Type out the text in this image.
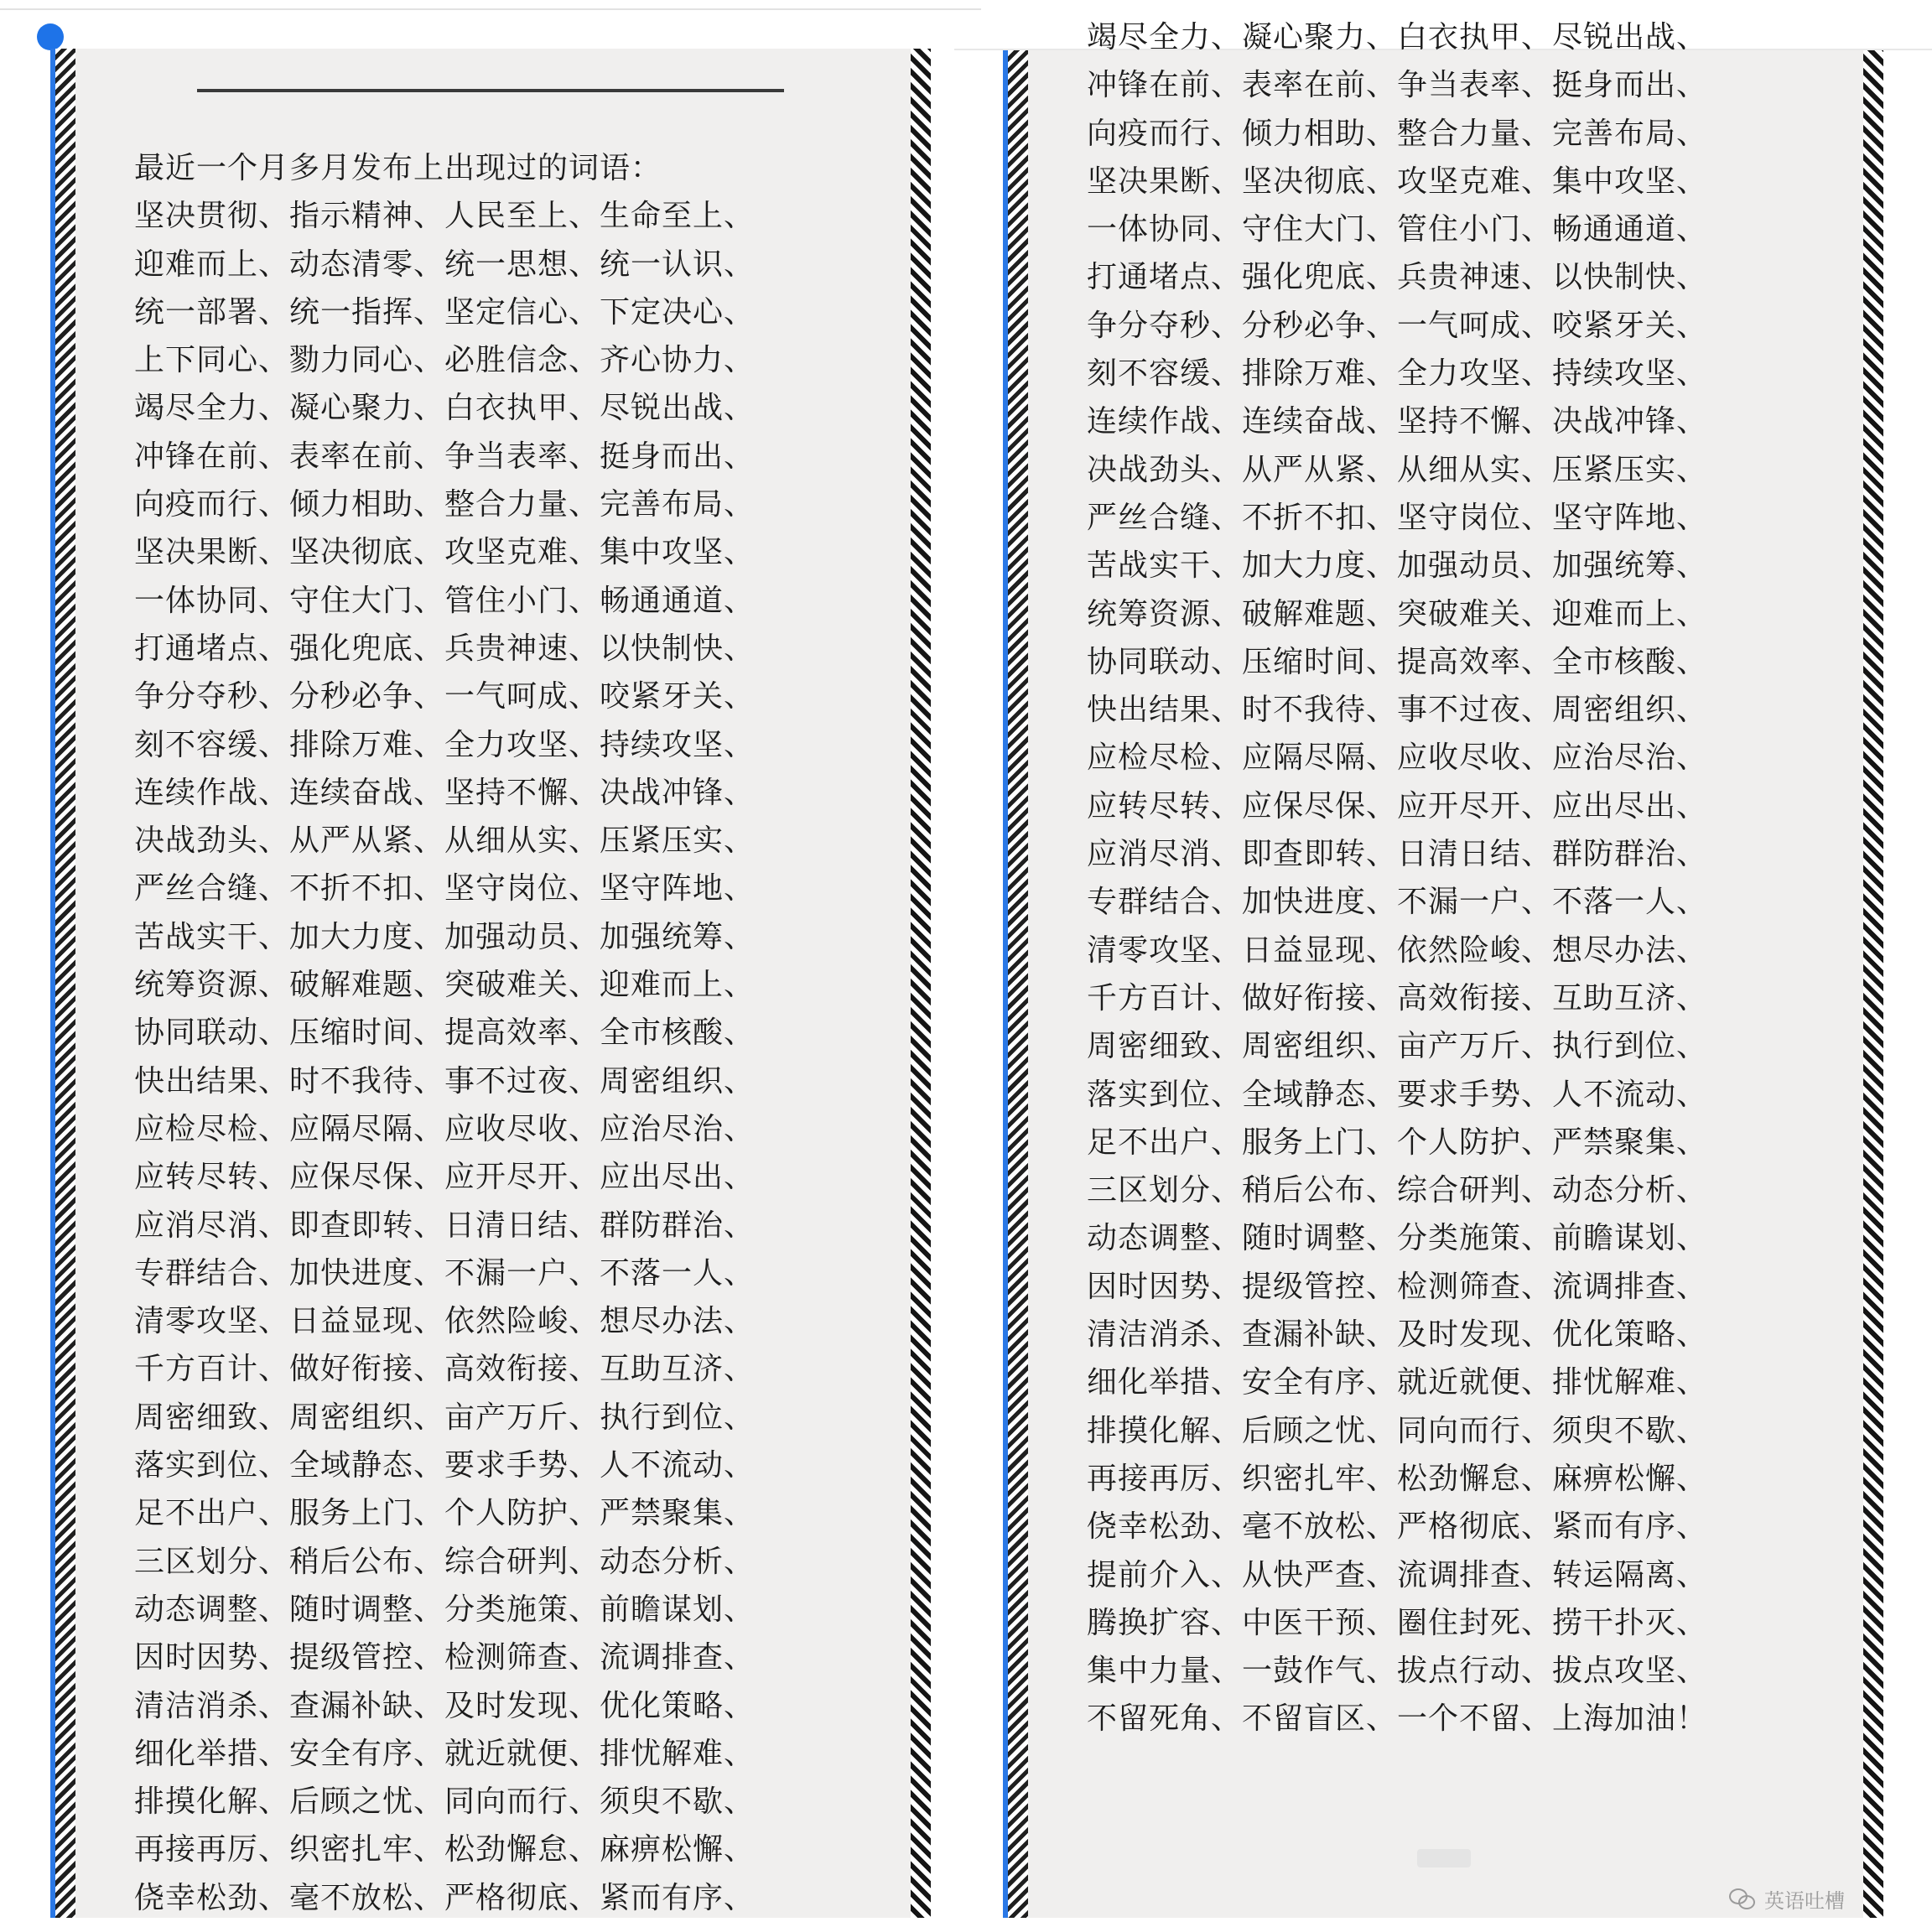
最近一个月多月发布上出现过的词语：
坚决贯彻、指示精神、人民至上、生命至上、
迎难而上、动态清零、统一思想、统一认识、
统一部署、统一指挥、坚定信心、下定决心、
上下同心、勠力同心、必胜信念、齐心协力、
竭尽全力、凝心聚力、白衣执甲、尽锐出战、
冲锋在前、表率在前、争当表率、挺身而出、
向疫而行、倾力相助、整合力量、完善布局、
坚决果断、坚决彻底、攻坚克难、集中攻坚、
一体协同、守住大门、管住小门、畅通通道、
打通堵点、强化兜底、兵贵神速、以快制快、
争分夺秒、分秒必争、一气呵成、咬紧牙关、
刻不容缓、排除万难、全力攻坚、持续攻坚、
连续作战、连续奋战、坚持不懈、决战冲锋、
决战劲头、从严从紧、从细从实、压紧压实、
严丝合缝、不折不扣、坚守岗位、坚守阵地、
苦战实干、加大力度、加强动员、加强统筹、
统筹资源、破解难题、突破难关、迎难而上、
协同联动、压缩时间、提高效率、全市核酸、
快出结果、时不我待、事不过夜、周密组织、
应检尽检、应隔尽隔、应收尽收、应治尽治、
应转尽转、应保尽保、应开尽开、应出尽出、
应消尽消、即查即转、日清日结、群防群治、
专群结合、加快进度、不漏一户、不落一人、
清零攻坚、日益显现、依然险峻、想尽办法、
千方百计、做好衔接、高效衔接、互助互济、
周密细致、周密组织、亩产万斤、执行到位、
落实到位、全域静态、要求手势、人不流动、
足不出户、服务上门、个人防护、严禁聚集、
三区划分、稍后公布、综合研判、动态分析、
动态调整、随时调整、分类施策、前瞻谋划、
因时因势、提级管控、检测筛查、流调排查、
清洁消杀、查漏补缺、及时发现、优化策略、
细化举措、安全有序、就近就便、排忧解难、
排摸化解、后顾之忧、同向而行、须臾不歇、
再接再厉、织密扎牢、松劲懈怠、麻痹松懈、
侥幸松劲、毫不放松、严格彻底、紧而有序、
竭尽全力、凝心聚力、白衣执甲、尽锐出战、
冲锋在前、表率在前、争当表率、挺身而出、
向疫而行、倾力相助、整合力量、完善布局、
坚决果断、坚决彻底、攻坚克难、集中攻坚、
一体协同、守住大门、管住小门、畅通通道、
打通堵点、强化兜底、兵贵神速、以快制快、
争分夺秒、分秒必争、一气呵成、咬紧牙关、
刻不容缓、排除万难、全力攻坚、持续攻坚、
连续作战、连续奋战、坚持不懈、决战冲锋、
决战劲头、从严从紧、从细从实、压紧压实、
严丝合缝、不折不扣、坚守岗位、坚守阵地、
苦战实干、加大力度、加强动员、加强统筹、
统筹资源、破解难题、突破难关、迎难而上、
协同联动、压缩时间、提高效率、全市核酸、
快出结果、时不我待、事不过夜、周密组织、
应检尽检、应隔尽隔、应收尽收、应治尽治、
应转尽转、应保尽保、应开尽开、应出尽出、
应消尽消、即查即转、日清日结、群防群治、
专群结合、加快进度、不漏一户、不落一人、
清零攻坚、日益显现、依然险峻、想尽办法、
千方百计、做好衔接、高效衔接、互助互济、
周密细致、周密组织、亩产万斤、执行到位、
落实到位、全域静态、要求手势、人不流动、
足不出户、服务上门、个人防护、严禁聚集、
三区划分、稍后公布、综合研判、动态分析、
动态调整、随时调整、分类施策、前瞻谋划、
因时因势、提级管控、检测筛查、流调排查、
清洁消杀、查漏补缺、及时发现、优化策略、
细化举措、安全有序、就近就便、排忧解难、
排摸化解、后顾之忧、同向而行、须臾不歇、
再接再厉、织密扎牢、松劲懈怠、麻痹松懈、
侥幸松劲、毫不放松、严格彻底、紧而有序、
提前介入、从快严查、流调排查、转运隔离、
腾换扩容、中医干预、圈住封死、捞干扑灭、
集中力量、一鼓作气、拔点行动、拔点攻坚、
不留死角、不留盲区、一个不留、上海加油！
英语吐槽
